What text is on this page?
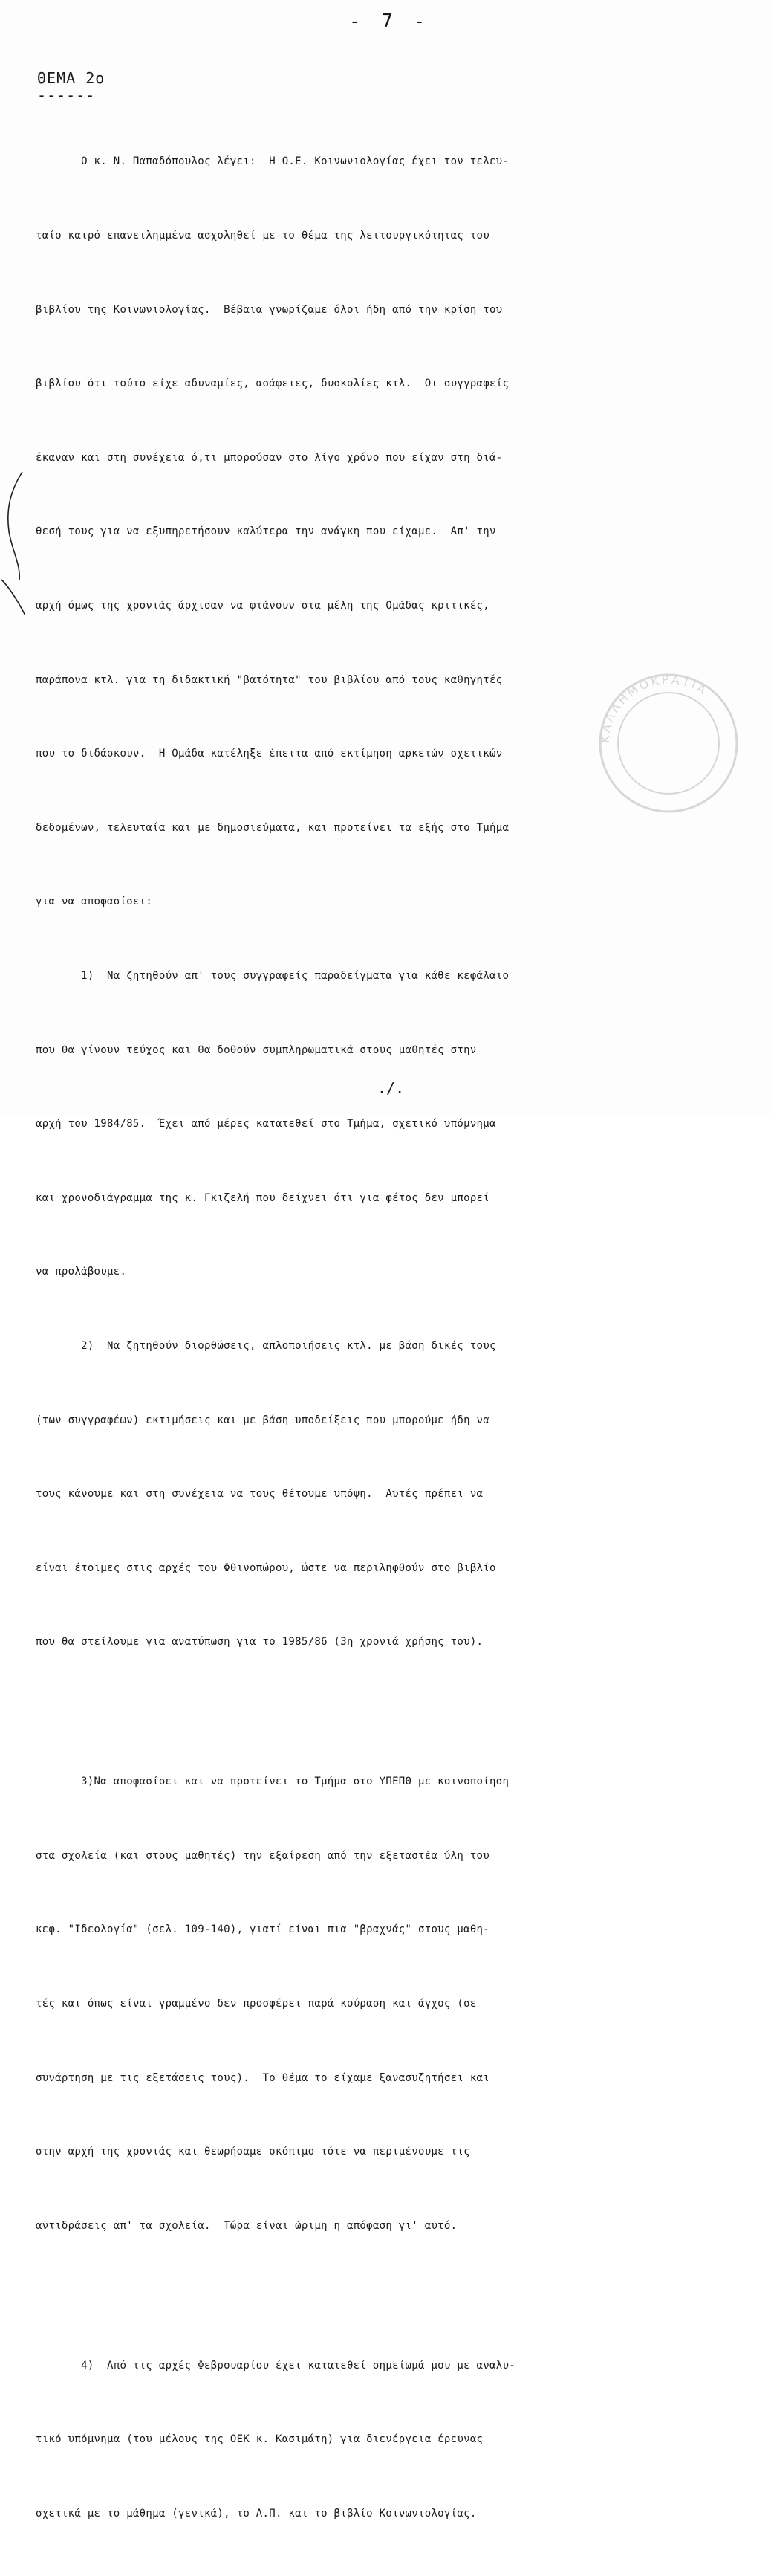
- 7 -
ΘΕΜΑ 2ο
------
ΚΑΛΛΗΜΟΚΡΑΤΙΑ

Ο κ. Ν. Παπαδόπουλος λέγει:  Η Ο.Ε. Κοινωνιολογίας έχει τον τελευ-

ταίο καιρό επανειλημμένα ασχοληθεί με το θέμα της λειτουργικότητας του

βιβλίου της Κοινωνιολογίας.  Βέβαια γνωρίζαμε όλοι ήδη από την κρίση του

βιβλίου ότι τούτο είχε αδυναμίες, ασάφειες, δυσκολίες κτλ.  Οι συγγραφείς

έκαναν και στη συνέχεια ό,τι μπορούσαν στο λίγο χρόνο που είχαν στη διά-

θεσή τους για να εξυπηρετήσουν καλύτερα την ανάγκη που είχαμε.  Απ' την

αρχή όμως της χρονιάς άρχισαν να φτάνουν στα μέλη της Ομάδας κριτικές,

παράπονα κτλ. για τη διδακτική "βατότητα" του βιβλίου από τους καθηγητές

που το διδάσκουν.  Η Ομάδα κατέληξε έπειτα από εκτίμηση αρκετών σχετικών

δεδομένων, τελευταία και με δημοσιεύματα, και προτείνει τα εξής στο Τμήμα

για να αποφασίσει:

1)  Να ζητηθούν απ' τους συγγραφείς παραδείγματα για κάθε κεφάλαιο

που θα γίνουν τεύχος και θα δοθούν συμπληρωματικά στους μαθητές στην

αρχή του 1984/85.  Έχει από μέρες κατατεθεί στο Τμήμα, σχετικό υπόμνημα

και χρονοδιάγραμμα της κ. Γκιζελή που δείχνει ότι για φέτος δεν μπορεί

να προλάβουμε.

2)  Να ζητηθούν διορθώσεις, απλοποιήσεις κτλ. με βάση δικές τους

(των συγγραφέων) εκτιμήσεις και με βάση υποδείξεις που μπορούμε ήδη να

τους κάνουμε και στη συνέχεια να τους θέτουμε υπόψη.  Αυτές πρέπει να

είναι έτοιμες στις αρχές του Φθινοπώρου, ώστε να περιληφθούν στο βιβλίο

που θα στείλουμε για ανατύπωση για το 1985/86 (3η χρονιά χρήσης του).

3)Να αποφασίσει και να προτείνει το Τμήμα στο ΥΠΕΠΘ με κοινοποίηση

στα σχολεία (και στους μαθητές) την εξαίρεση από την εξεταστέα ύλη του

κεφ. "Ιδεολογία" (σελ. 109-140), γιατί είναι πια "βραχνάς" στους μαθη-

τές και όπως είναι γραμμένο δεν προσφέρει παρά κούραση και άγχος (σε

συνάρτηση με τις εξετάσεις τους).  Το θέμα το είχαμε ξανασυζητήσει και

στην αρχή της χρονιάς και θεωρήσαμε σκόπιμο τότε να περιμένουμε τις

αντιδράσεις απ' τα σχολεία.  Τώρα είναι ώριμη η απόφαση γι' αυτό.

4)  Από τις αρχές Φεβρουαρίου έχει κατατεθεί σημείωμά μου με αναλυ-

τικό υπόμνημα (του μέλους της ΟΕΚ κ. Κασιμάτη) για διενέργεια έρευνας

σχετικά με το μάθημα (γενικά), το Α.Π. και το βιβλίο Κοινωνιολογίας.

./.
